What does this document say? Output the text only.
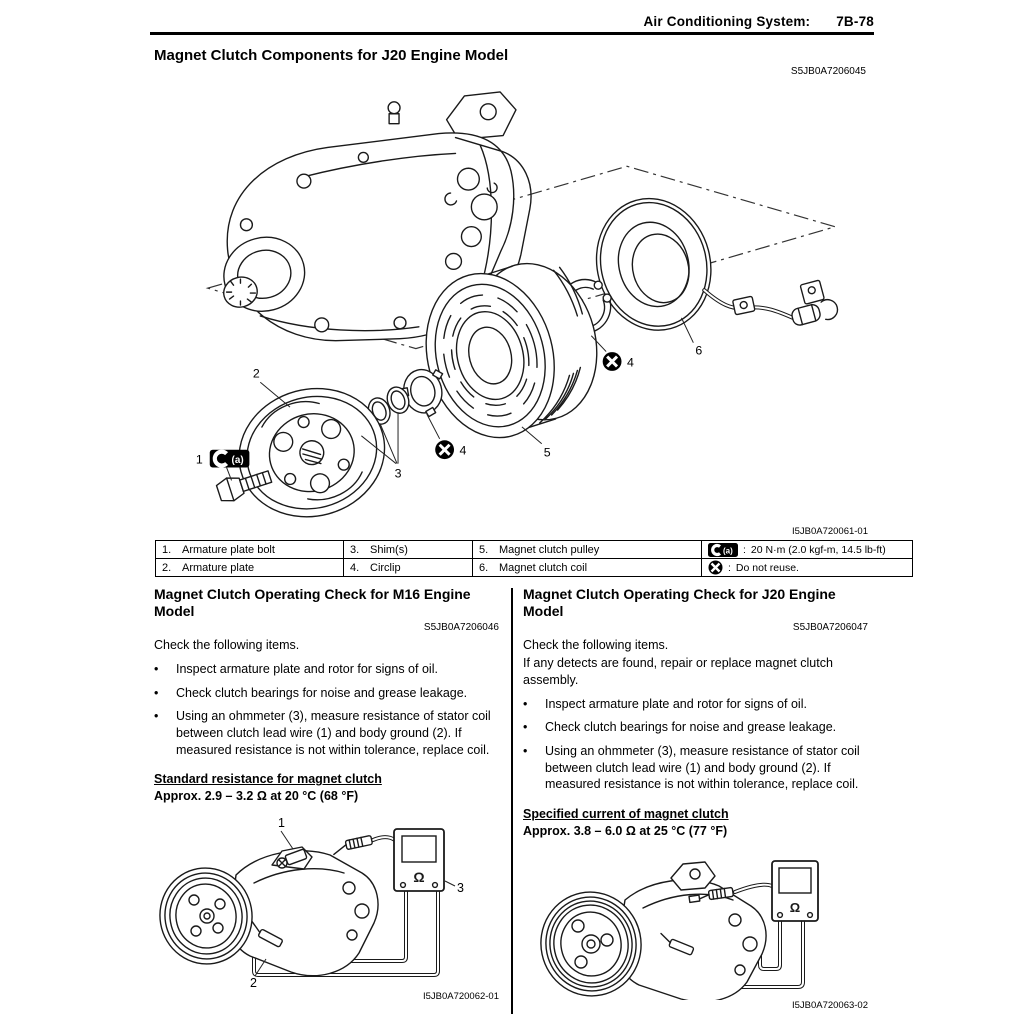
Air Conditioning System: 7B-78
Magnet Clutch Components for J20 Engine Model
S5JB0A7206045
(a)
1
2
3
4	5
4
6
I5JB0A720061-01
1. Armature plate bolt	3. Shim(s)	5. Magnet clutch pulley	(a) : 20 N·m (2.0 kgf-m, 14.5 lb-ft)

2. Armature plate	4. Circlip	6. Magnet clutch coil	: Do not reuse.
Magnet Clutch Operating Check for M16 Engine Model
S5JB0A7206046
Check the following items.
•	Inspect armature plate and rotor for signs of oil.
•	Check clutch bearings for noise and grease leakage.
•	Using an ohmmeter (3), measure resistance of stator coil between clutch lead wire (1) and body ground (2). If measured resistance is not within tolerance, replace coil.
Standard resistance for magnet clutch
Approx. 2.9 – 3.2 Ω at 20 °C (68 °F)
Ω
1
2
3
I5JB0A720062-01
Magnet Clutch Operating Check for J20 Engine Model
S5JB0A7206047
Check the following items.
If any detects are found, repair or replace magnet clutch assembly.
•	Inspect armature plate and rotor for signs of oil.
•	Check clutch bearings for noise and grease leakage.
•	Using an ohmmeter (3), measure resistance of stator coil between clutch lead wire (1) and body ground (2). If measured resistance is not within tolerance, replace coil.
Specified current of magnet clutch
Approx. 3.8 – 6.0 Ω at 25 °C (77 °F)
Ω
I5JB0A720063-02
